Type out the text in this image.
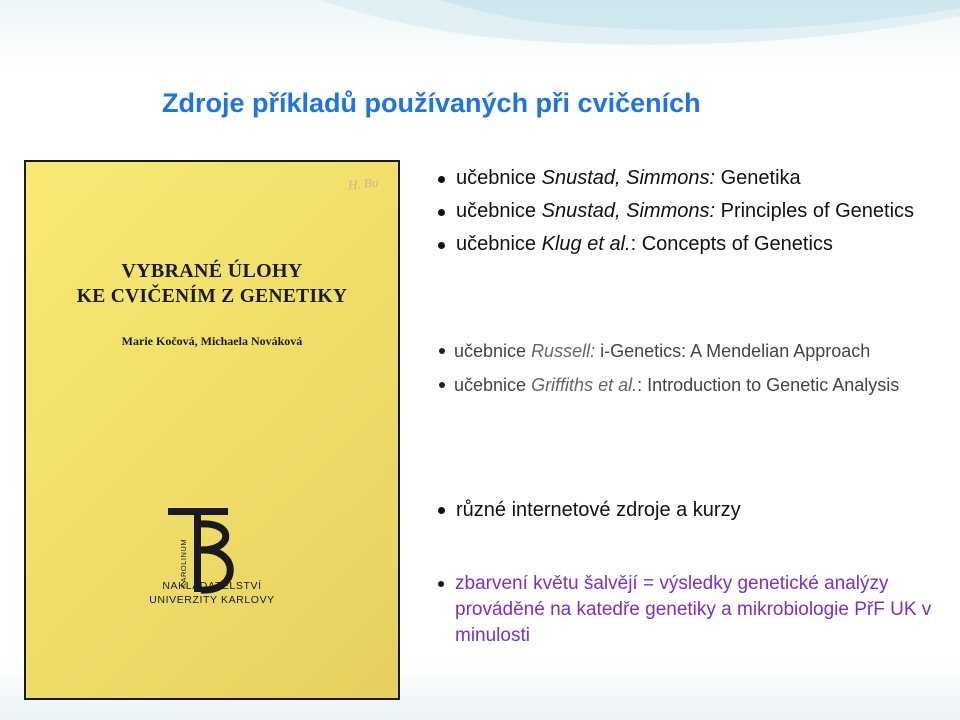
Zdroje příkladů používaných při cvičeních
H. Bu
VYBRANÉ ÚLOHY
KE CVIČENÍM Z GENETIKY
Marie Kočová, Michaela Nováková
KAROLINUM
NAKLADATELSTVÍ
UNIVERZITY KARLOVY
učebnice Snustad, Simmons: Genetika
učebnice Snustad, Simmons: Principles of Genetics
učebnice Klug et al.: Concepts of Genetics
učebnice Russell: i-Genetics: A Mendelian Approach
učebnice Griffiths et al.: Introduction to Genetic Analysis
různé internetové zdroje a kurzy
zbarvení květu šalvějí = výsledky genetické analýzy prováděné na katedře genetiky a mikrobiologie PřF UK v minulosti
